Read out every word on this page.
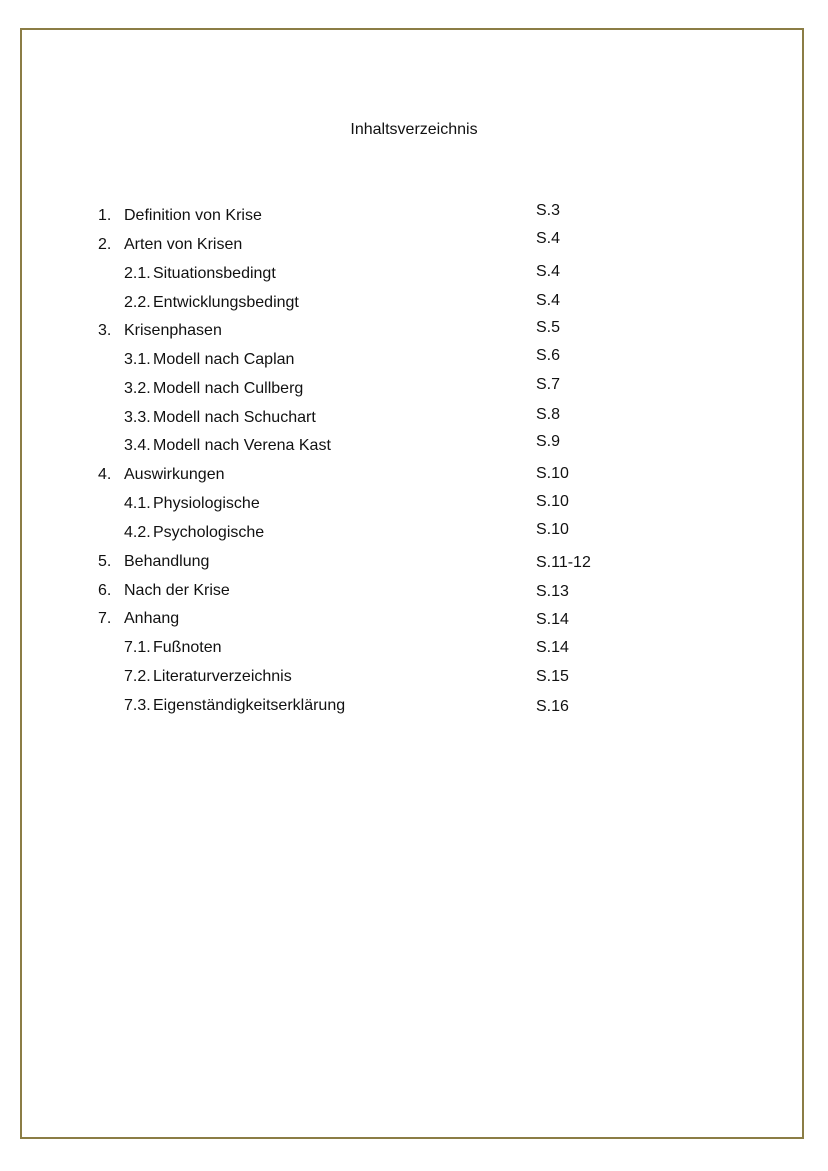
Inhaltsverzeichnis
1. Definition von Krise	S.3
2. Arten von Krisen	S.4
2.1. Situationsbedingt	S.4
2.2. Entwicklungsbedingt	S.4
3. Krisenphasen	S.5
3.1. Modell nach Caplan	S.6
3.2. Modell nach Cullberg	S.7
3.3. Modell nach Schuchart	S.8
3.4. Modell nach Verena Kast	S.9
4. Auswirkungen	S.10
4.1. Physiologische	S.10
4.2. Psychologische	S.10
5. Behandlung	S.11-12
6. Nach der Krise	S.13
7. Anhang	S.14
7.1. Fußnoten	S.14
7.2. Literaturverzeichnis	S.15
7.3. Eigenständigkeitserklärung	S.16
